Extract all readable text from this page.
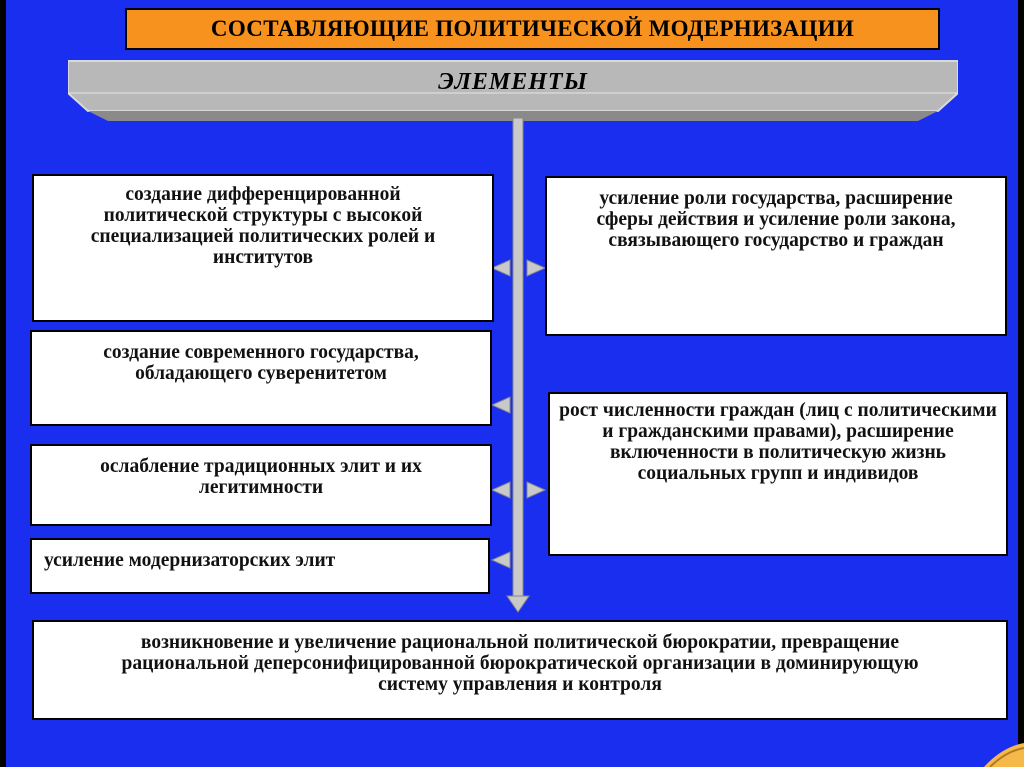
СОСТАВЛЯЮЩИЕ ПОЛИТИЧЕСКОЙ МОДЕРНИЗАЦИИ
ЭЛЕМЕНТЫ
создание дифференцированной политической структуры с высокой специализацией политических ролей и институтов
создание современного государства, обладающего суверенитетом
ослабление традиционных элит и их легитимности
усиление модернизаторских элит
усиление роли государства, расширение сферы действия и усиление роли закона, связывающего государство и граждан
рост численности граждан (лиц с политическими и гражданскими правами), расширение включенности в политическую жизнь социальных групп и индивидов
возникновение и увеличение рациональной политической бюрократии, превращение рациональной деперсонифицированной бюрократической организации в доминирующую систему управления и контроля
